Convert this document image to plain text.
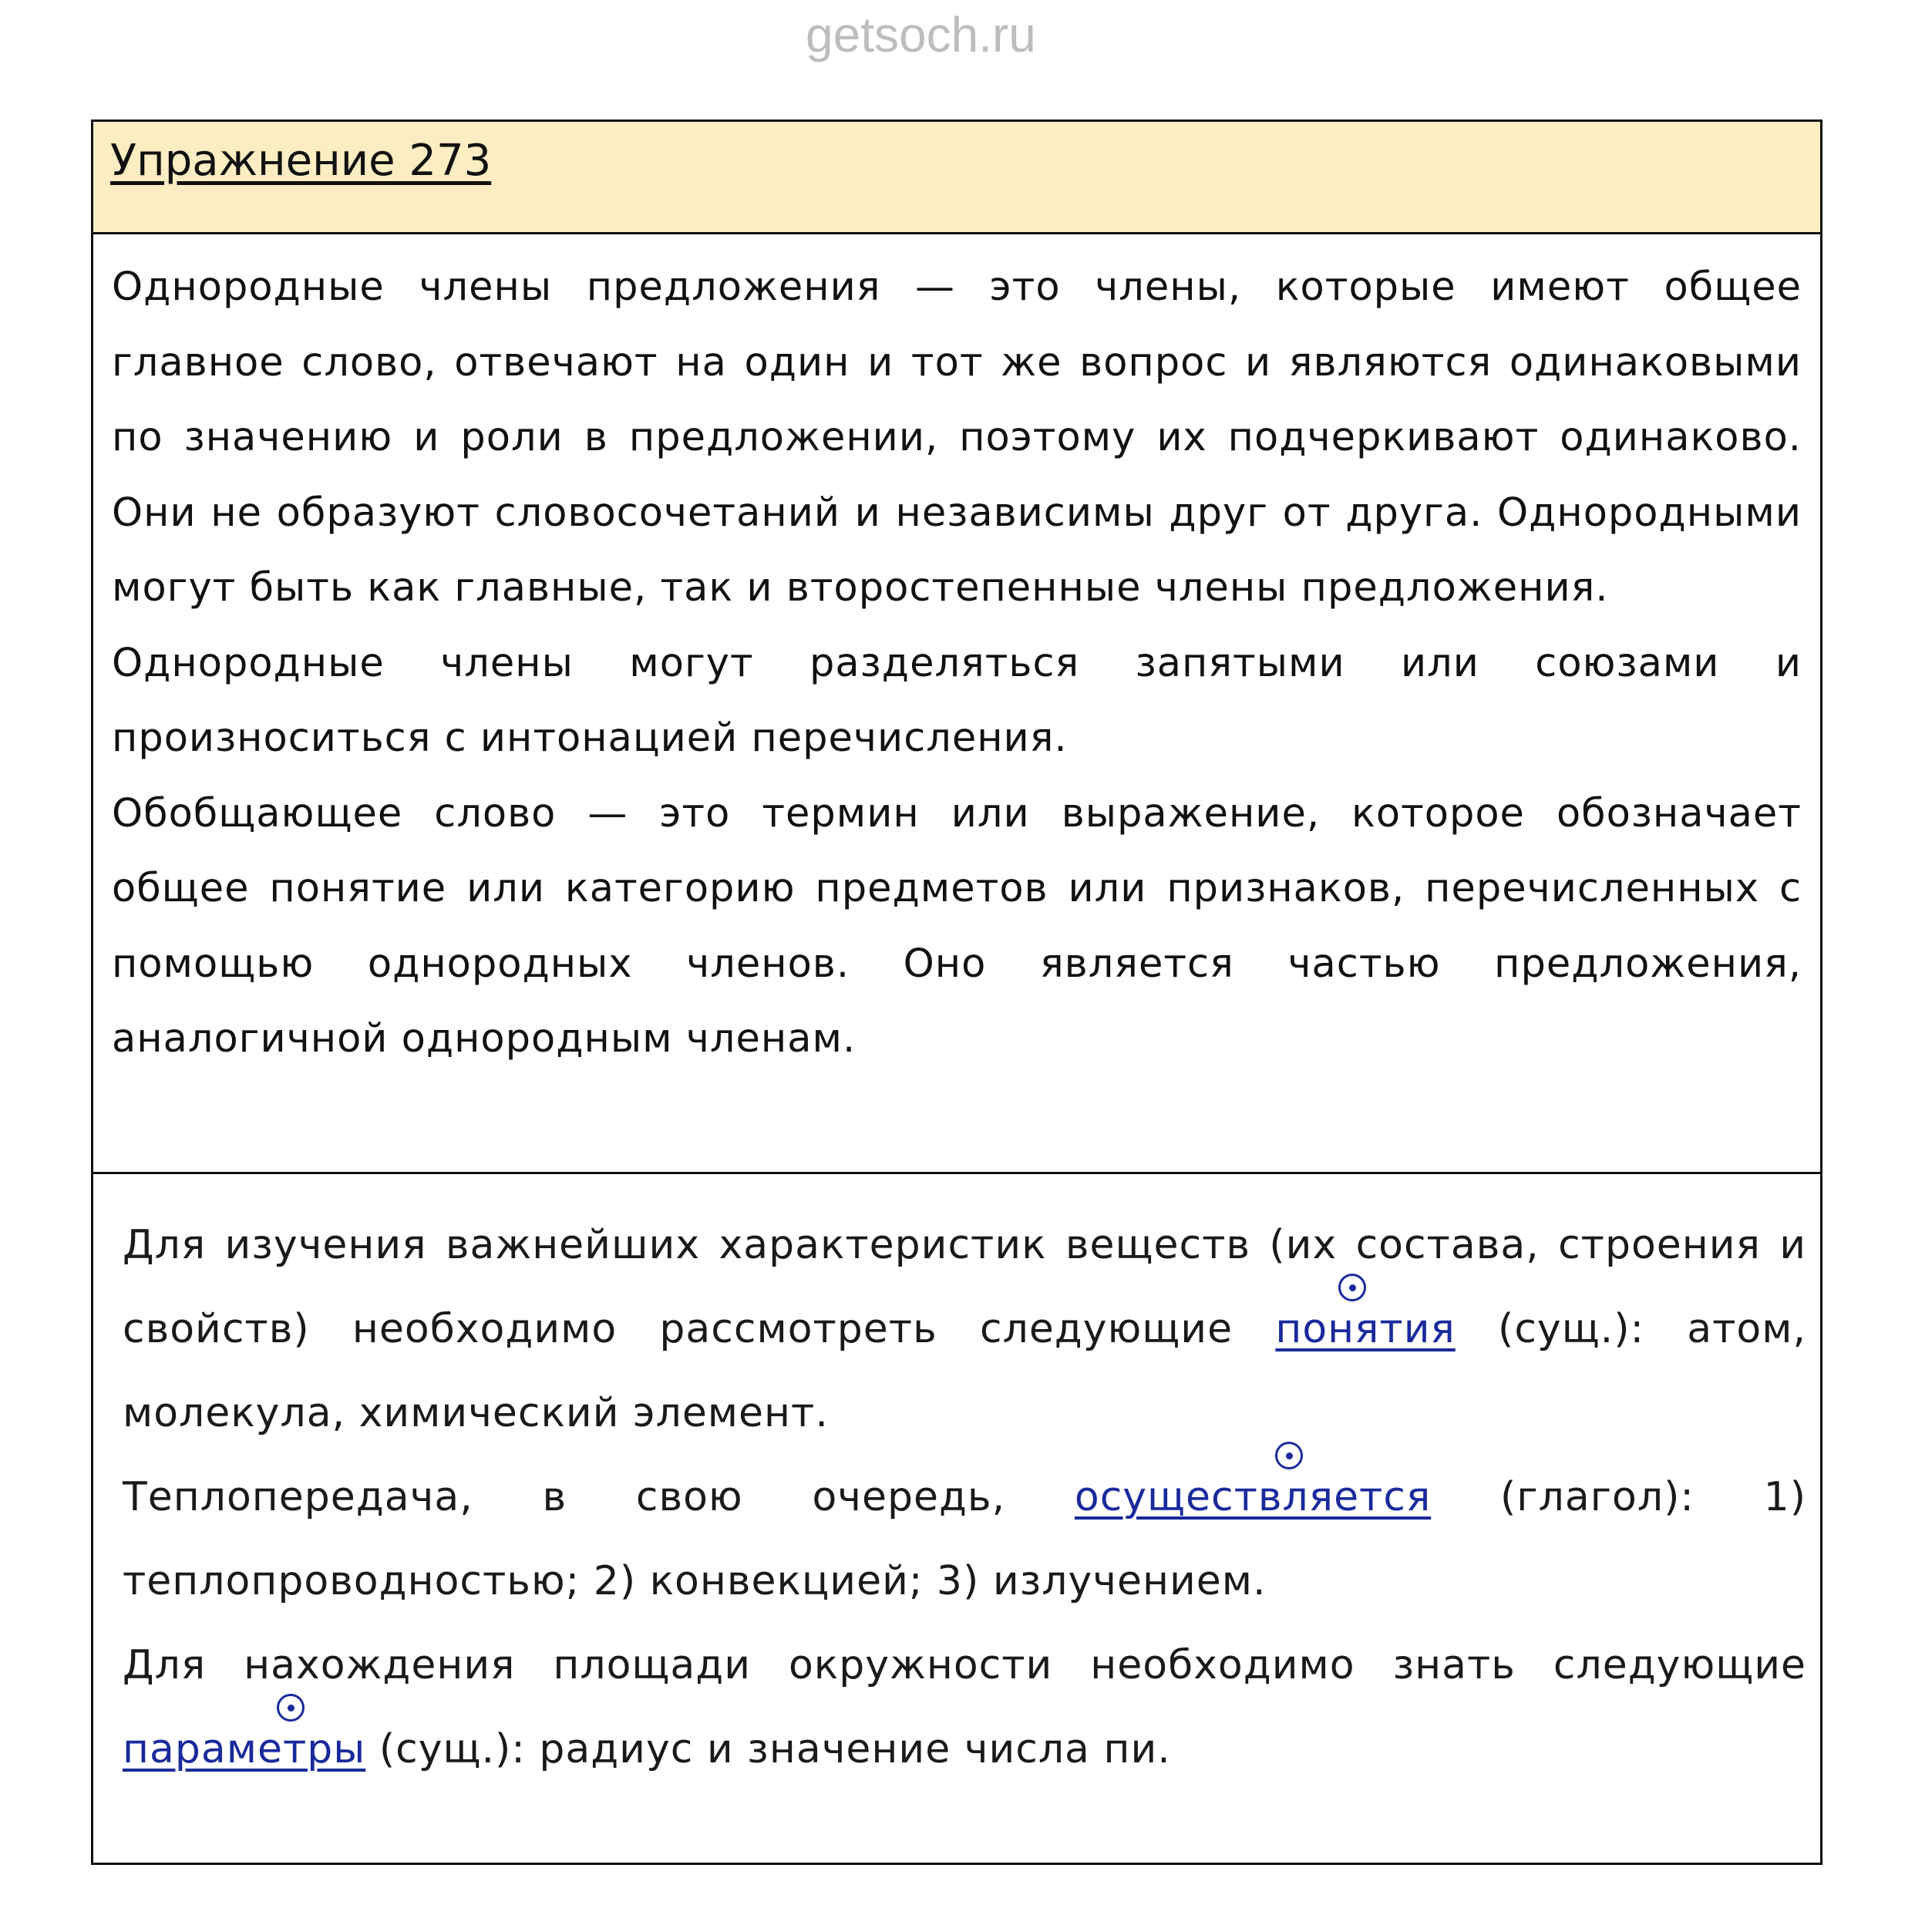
getsoch.ru
Упражнение 273

Однородные члены предложения — это члены, которые имеют общее главное слово, отвечают на один и тот же вопрос и являются одинаковыми по значению и роли в предложении, поэтому их подчеркивают одинаково. Они не образуют словосочетаний и независимы друг от друга. Однородными могут быть как главные, так и второстепенные члены предложения.

Однородные члены могут разделяться запятыми или союзами и произноситься с интонацией перечисления.

Обобщающее слово — это термин или выражение, которое обозначает общее понятие или категорию предметов или признаков, перечисленных с помощью однородных членов. Оно является частью предложения, аналогичной однородным членам.

Для изучения важнейших характеристик веществ (их состава, строения и свойств) необходимо рассмотреть следующие
понятия (сущ.): атом, молекула, химический элемент.

Теплопередача, в свою очередь,
осуществляется (глагол): 1) теплопроводностью; 2) конвекцией; 3) излучением.

Для нахождения площади окружности необходимо знать следующие
параметры (сущ.): радиус и значение числа пи.
